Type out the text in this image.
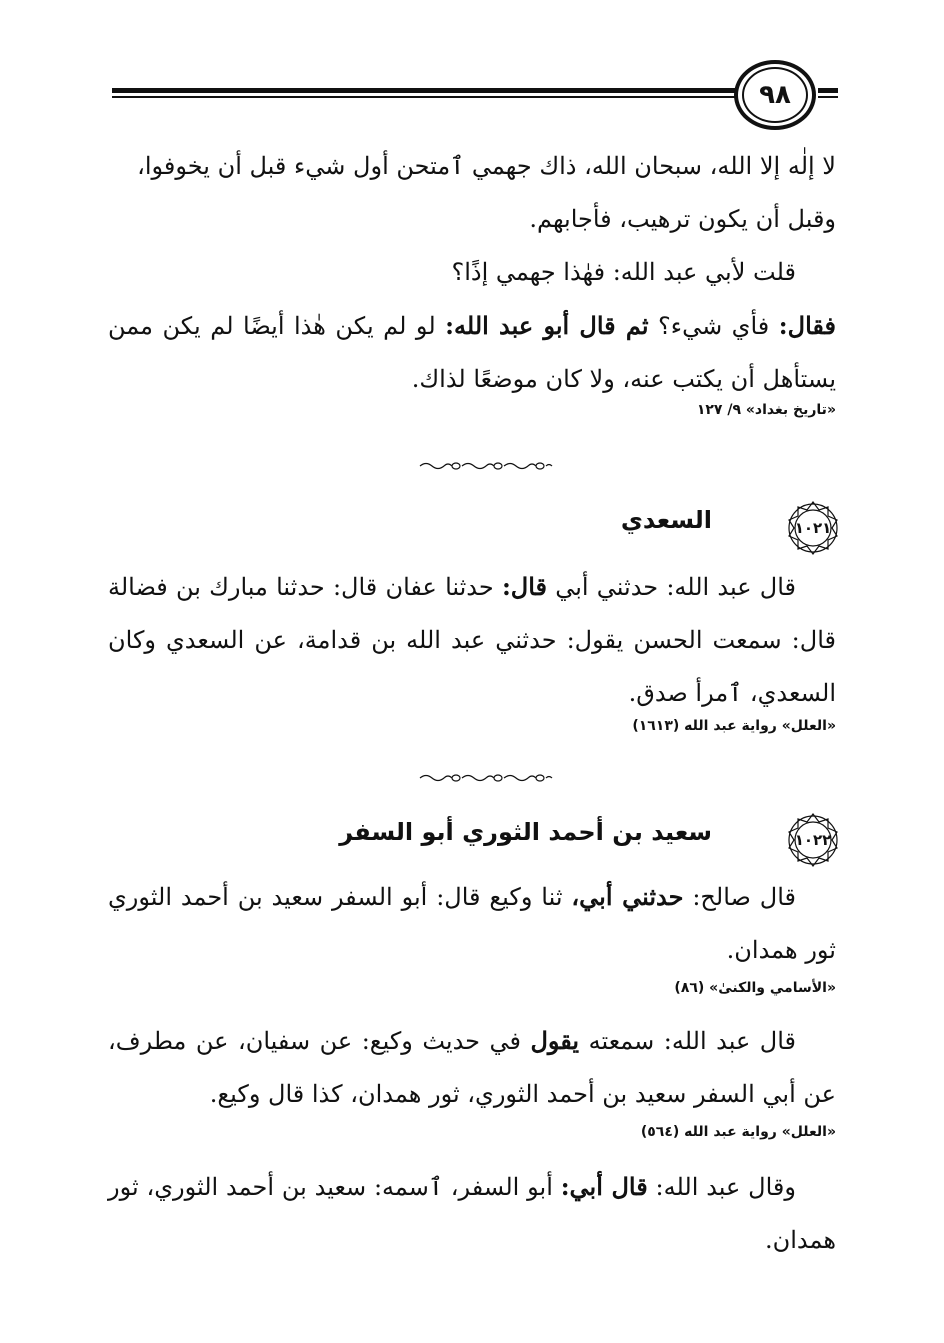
٩٨

لا إلٰه إلا الله، سبحان الله، ذاك جهمي ٱمتحن أول شيء قبل أن يخوفوا،
وقبل أن يكون ترهيب، فأجابهم.

قلت لأبي عبد الله: فهٰذا جهمي إذًا؟

فقال: فأي شيء؟ ثم قال أبو عبد الله: لو لم يكن هٰذا أيضًا لم يكن ممن يستأهل أن يكتب عنه، ولا كان موضعًا لذاك.

«تاريخ بغداد» ٩/ ١٢٧

١٠٢١
السعدي

قال عبد الله: حدثني أبي قال: حدثنا عفان قال: حدثنا مبارك بن فضالة قال: سمعت الحسن يقول: حدثني عبد الله بن قدامة، عن السعدي وكان السعدي، ٱمرأ صدق.

«العلل» رواية عبد الله (١٦١٣)

١٠٢٢
سعيد بن أحمد الثوري أبو السفر

قال صالح: حدثني أبي، ثنا وكيع قال: أبو السفر سعيد بن أحمد الثوري ثور همدان.

«الأسامي والكنىٰ» (٨٦)

قال عبد الله: سمعته يقول في حديث وكيع: عن سفيان، عن مطرف، عن أبي السفر سعيد بن أحمد الثوري، ثور همدان، كذا قال وكيع.

«العلل» رواية عبد الله (٥٦٤)

وقال عبد الله: قال أبي: أبو السفر، ٱسمه: سعيد بن أحمد الثوري، ثور همدان.
